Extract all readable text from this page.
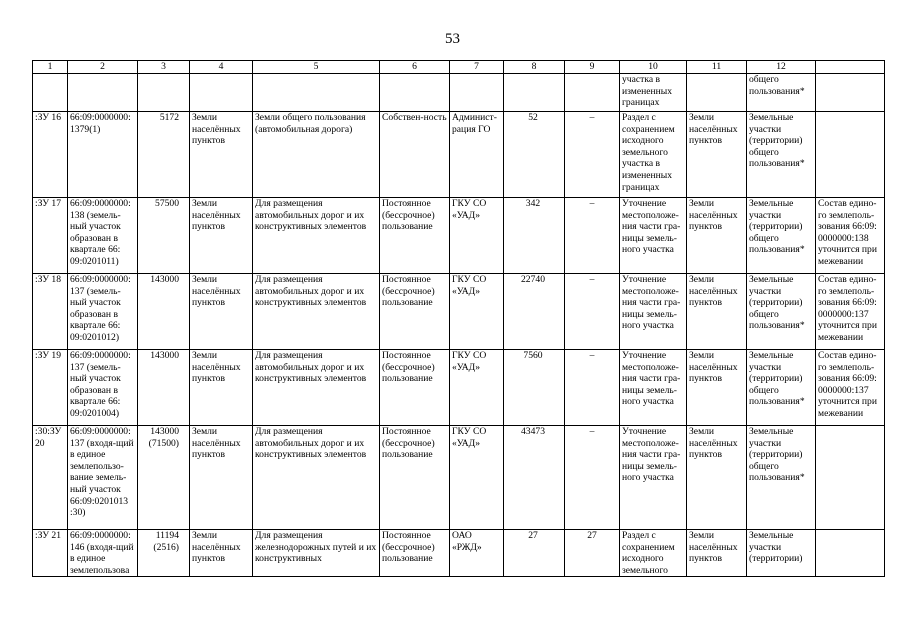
53
1	2	3	4	5	6	7	8	9	10	11	12	
									участка в измененных границах		общего пользования*	
:ЗУ 16	66:09:0000000:1379(1)	5172	Земли населённых пунктов	Земли общего пользования (автомобильная дорога)	Собствен-ность	Админист-рация ГО	52	–	Раздел с сохранением исходного земельного участка в измененных границах	Земли населённых пунктов	Земельные участки (территории) общего пользования*	
:ЗУ 17	66:09:0000000:138 (земель-ный участок образован в квартале 66: 09:0201011)	57500	Земли населённых пунктов	Для размещения автомобильных дорог и их конструктивных элементов	Постоянное (бессрочное) пользование	ГКУ СО «УАД»	342	–	Уточнение местоположе-ния части гра-ницы земель-ного участка	Земли населённых пунктов	Земельные участки (территории) общего пользования*	Состав едино-го землеполь-зования 66:09: 0000000:138 уточнится при межевании
:ЗУ 18	66:09:0000000:137 (земель-ный участок образован в квартале 66: 09:0201012)	143000	Земли населённых пунктов	Для размещения автомобильных дорог и их конструктивных элементов	Постоянное (бессрочное) пользование	ГКУ СО «УАД»	22740	–	Уточнение местоположе-ния части гра-ницы земель-ного участка	Земли населённых пунктов	Земельные участки (территории) общего пользования*	Состав едино-го землеполь-зования 66:09: 0000000:137 уточнится при межевании
:ЗУ 19	66:09:0000000:137 (земель-ный участок образован в квартале 66: 09:0201004)	143000	Земли населённых пунктов	Для размещения автомобильных дорог и их конструктивных элементов	Постоянное (бессрочное) пользование	ГКУ СО «УАД»	7560	–	Уточнение местоположе-ния части гра-ницы земель-ного участка	Земли населённых пунктов	Земельные участки (территории) общего пользования*	Состав едино-го землеполь-зования 66:09: 0000000:137 уточнится при межевании
:30:ЗУ 20	66:09:0000000:137 (входя-щий в единое землепользо-вание земель-ный участок 66:09:0201013 :30)	143000 (71500)	Земли населённых пунктов	Для размещения автомобильных дорог и их конструктивных элементов	Постоянное (бессрочное) пользование	ГКУ СО «УАД»	43473	–	Уточнение местоположе-ния части гра-ницы земель-ного участка	Земли населённых пунктов	Земельные участки (территории) общего пользования*	
:ЗУ 21	66:09:0000000:146 (входя-щий в единое землепользова	11194 (2516)	Земли населённых пунктов	Для размещения железнодорожных путей и их конструктивных	Постоянное (бессрочное) пользование	ОАО «РЖД»	27	27	Раздел с сохранением исходного земельного	Земли населённых пунктов	Земельные участки (территории)	
